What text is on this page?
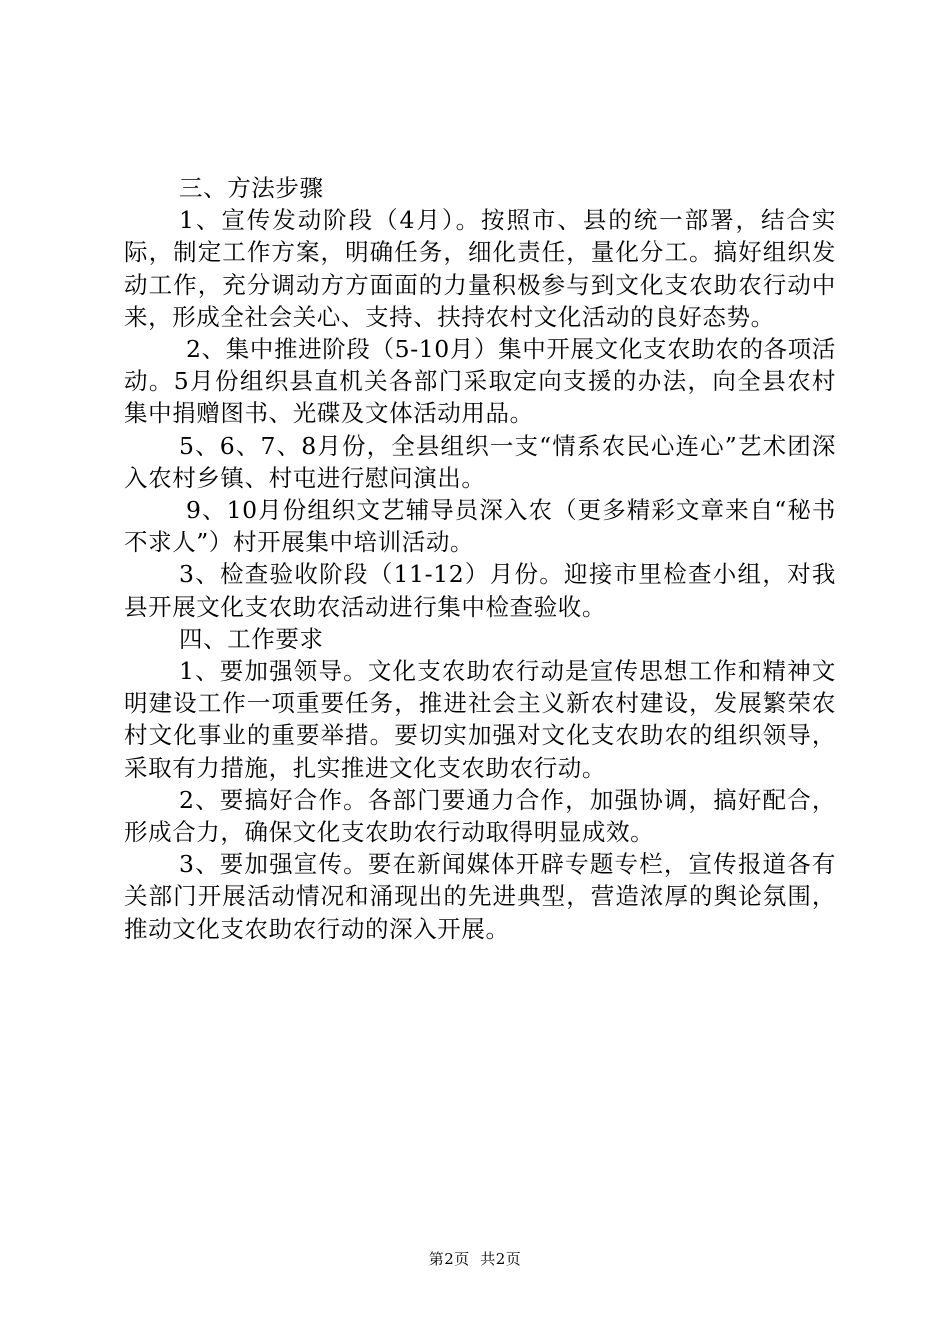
三、方法步骤

1、宣传发动阶段（4月）。按照市、县的统一部署，结合实际，制定工作方案，明确任务，细化责任，量化分工。搞好组织发动工作，充分调动方方面面的力量积极参与到文化支农助农行动中来，形成全社会关心、支持、扶持农村文化活动的良好态势。

2、集中推进阶段（5-10月）集中开展文化支农助农的各项活动。5月份组织县直机关各部门采取定向支援的办法，向全县农村集中捐赠图书、光碟及文体活动用品。

5、6、7、8月份，全县组织一支“情系农民心连心”艺术团深入农村乡镇、村屯进行慰问演出。

9、10月份组织文艺辅导员深入农（更多精彩文章来自“秘书不求人”）村开展集中培训活动。

3、检查验收阶段（11-12）月份。迎接市里检查小组，对我县开展文化支农助农活动进行集中检查验收。

四、工作要求

1、要加强领导。文化支农助农行动是宣传思想工作和精神文明建设工作一项重要任务，推进社会主义新农村建设，发展繁荣农村文化事业的重要举措。要切实加强对文化支农助农的组织领导，采取有力措施，扎实推进文化支农助农行动。

2、要搞好合作。各部门要通力合作，加强协调，搞好配合，形成合力，确保文化支农助农行动取得明显成效。

3、要加强宣传。要在新闻媒体开辟专题专栏，宣传报道各有关部门开展活动情况和涌现出的先进典型，营造浓厚的舆论氛围，推动文化支农助农行动的深入开展。

第2页  共2页
